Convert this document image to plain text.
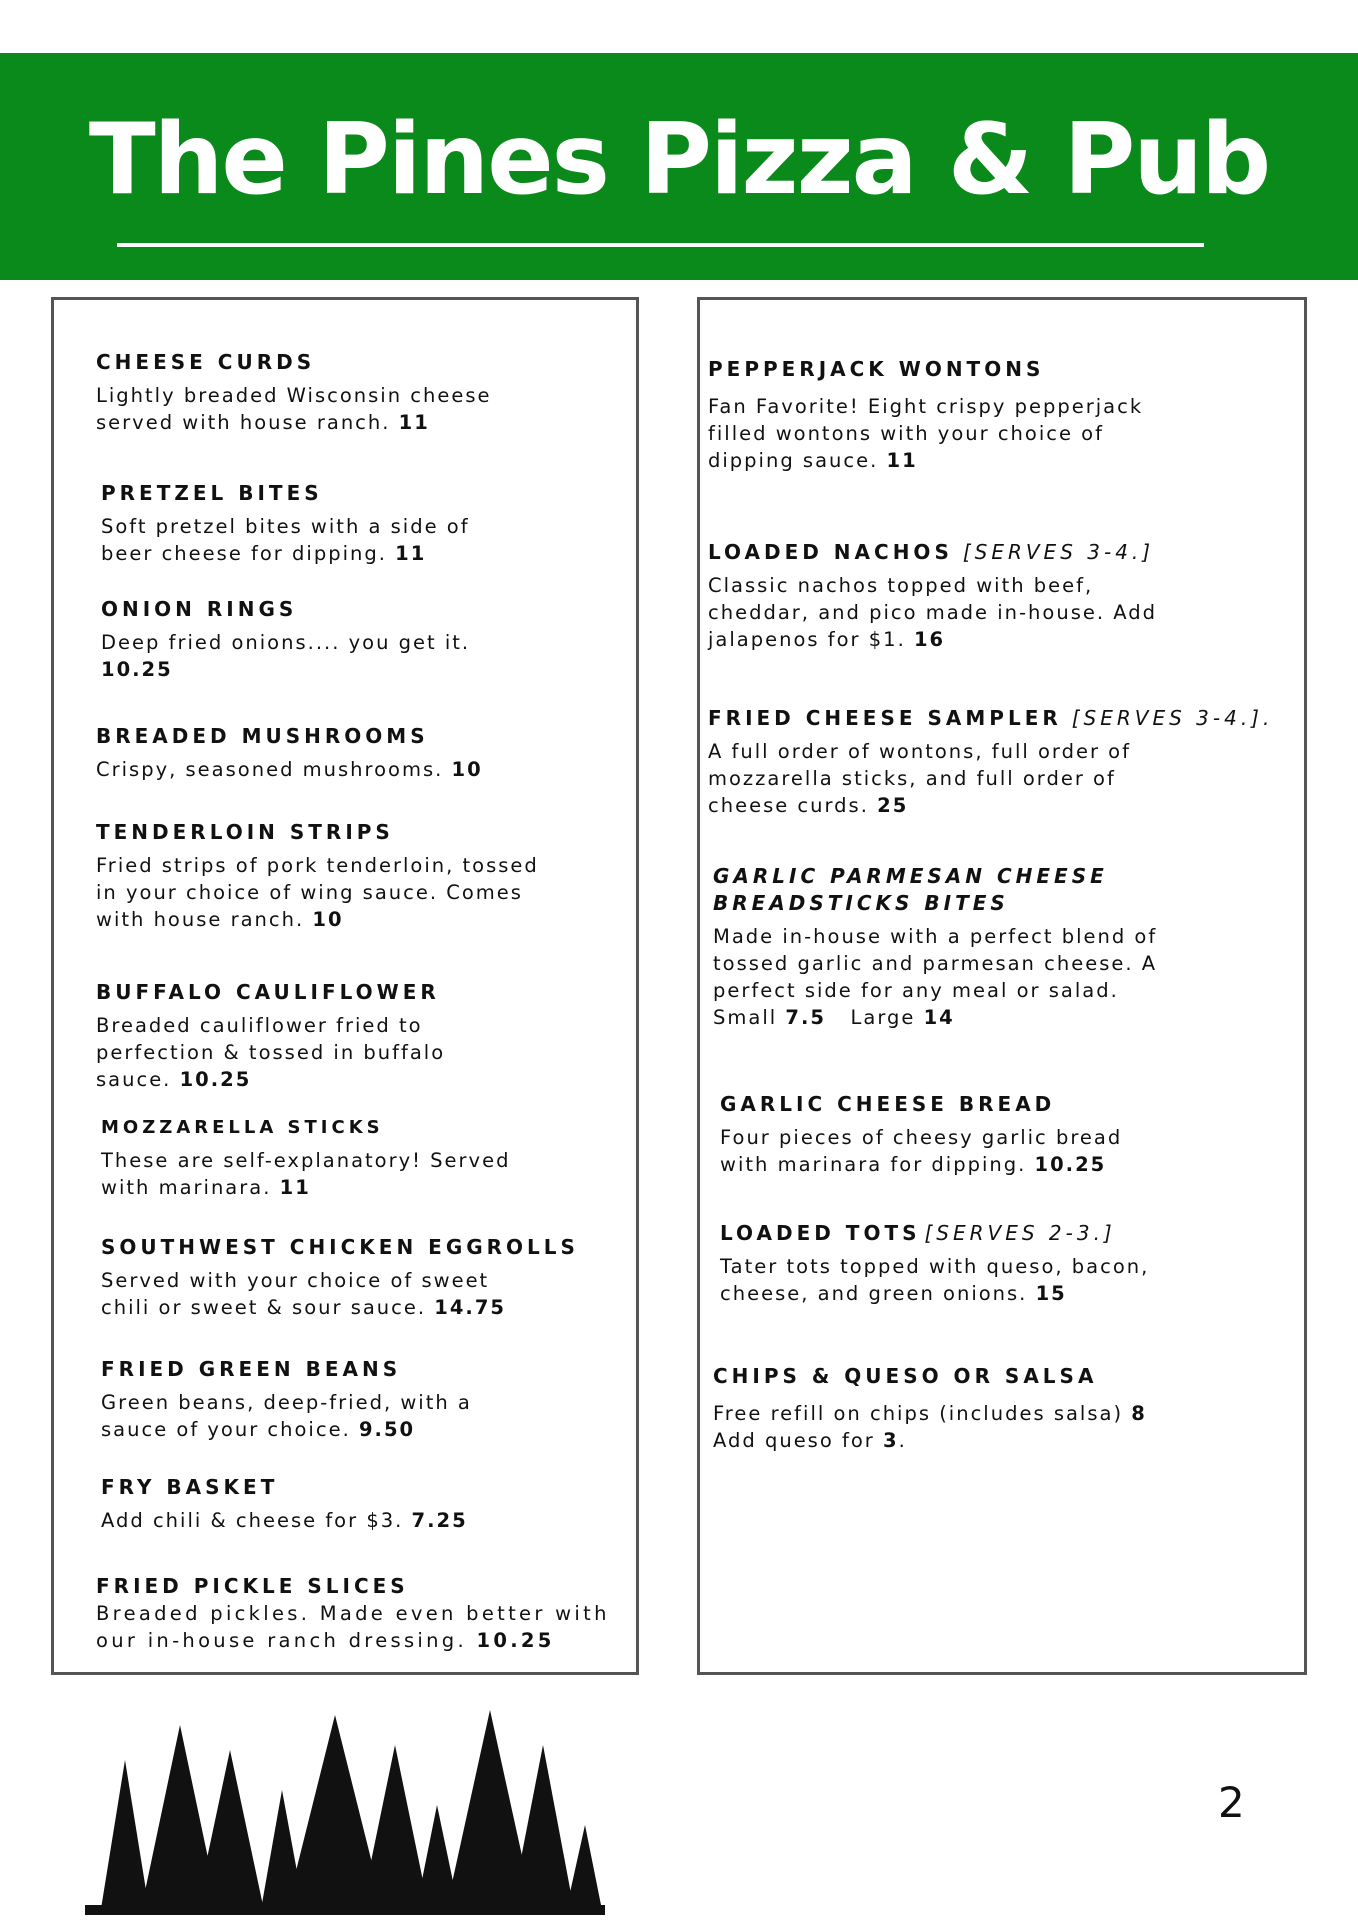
The Pines Pizza & Pub
CHEESE CURDS
Lightly breaded Wisconsin cheese served with house ranch. 11
PRETZEL BITES
Soft pretzel bites with a side of beer cheese for dipping. 11
ONION RINGS
Deep fried onions.... you get it. 10.25
BREADED MUSHROOMS
Crispy, seasoned mushrooms. 10
TENDERLOIN STRIPS
Fried strips of pork tenderloin, tossed in your choice of wing sauce. Comes with house ranch. 10
BUFFALO CAULIFLOWER
Breaded cauliflower fried to perfection & tossed in buffalo sauce. 10.25
MOZZARELLA STICKS
These are self-explanatory! Served with marinara. 11
SOUTHWEST CHICKEN EGGROLLS
Served with your choice of sweet chili or sweet & sour sauce. 14.75
FRIED GREEN BEANS
Green beans, deep-fried, with a sauce of your choice. 9.50
FRY BASKET
Add chili & cheese for $3. 7.25
FRIED PICKLE SLICES
Breaded pickles. Made even better with our in-house ranch dressing. 10.25
PEPPERJACK WONTONS
Fan Favorite! Eight crispy pepperjack filled wontons with your choice of dipping sauce. 11
LOADED NACHOS [SERVES 3-4.]
Classic nachos topped with beef, cheddar, and pico made in-house. Add jalapenos for $1. 16
FRIED CHEESE SAMPLER [SERVES 3-4.].
A full order of wontons, full order of mozzarella sticks, and full order of cheese curds. 25
GARLIC PARMESAN CHEESE BREADSTICKS BITES
Made in-house with a perfect blend of tossed garlic and parmesan cheese. A perfect side for any meal or salad. Small 7.5 Large 14
GARLIC CHEESE BREAD
Four pieces of cheesy garlic bread with marinara for dipping. 10.25
LOADED TOTS [SERVES 2-3.]
Tater tots topped with queso, bacon, cheese, and green onions. 15
CHIPS & QUESO OR SALSA
Free refill on chips (includes salsa) 8
Add queso for 3.
2
